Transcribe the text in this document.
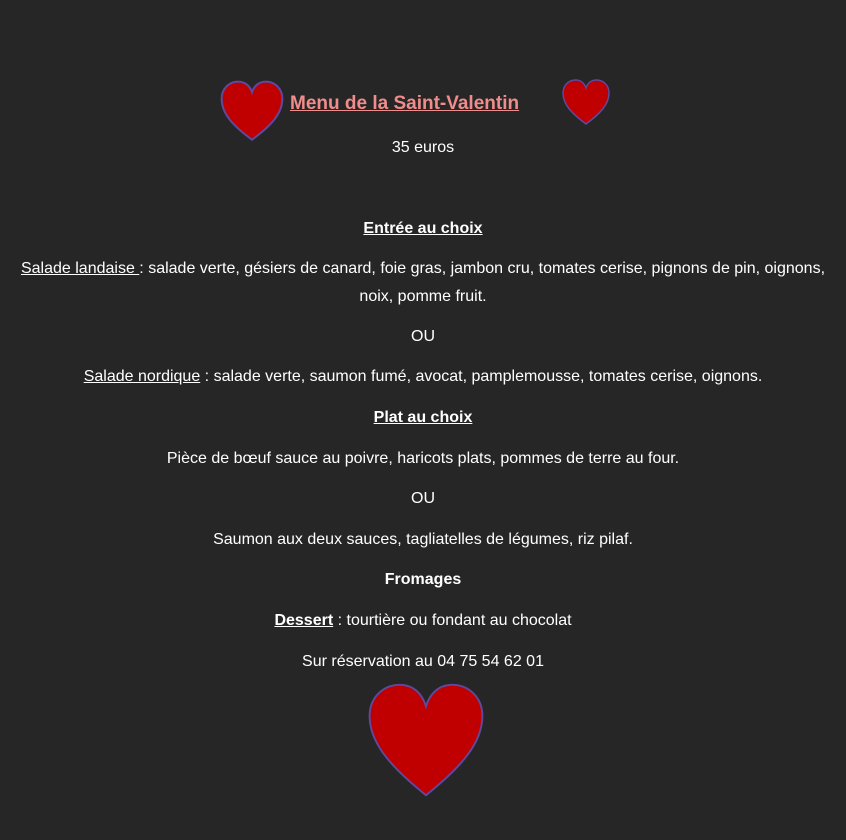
Menu de la Saint-Valentin
35 euros
Entrée au choix
Salade landaise : salade verte, gésiers de canard, foie gras, jambon cru, tomates cerise, pignons de pin, oignons, noix, pomme fruit.
OU
Salade nordique : salade verte, saumon fumé, avocat, pamplemousse, tomates cerise, oignons.
Plat au choix
Pièce de bœuf sauce au poivre, haricots plats, pommes de terre au four.
OU
Saumon aux deux sauces, tagliatelles de légumes, riz pilaf.
Fromages
Dessert : tourtière ou fondant au chocolat
Sur réservation au 04 75 54 62 01
